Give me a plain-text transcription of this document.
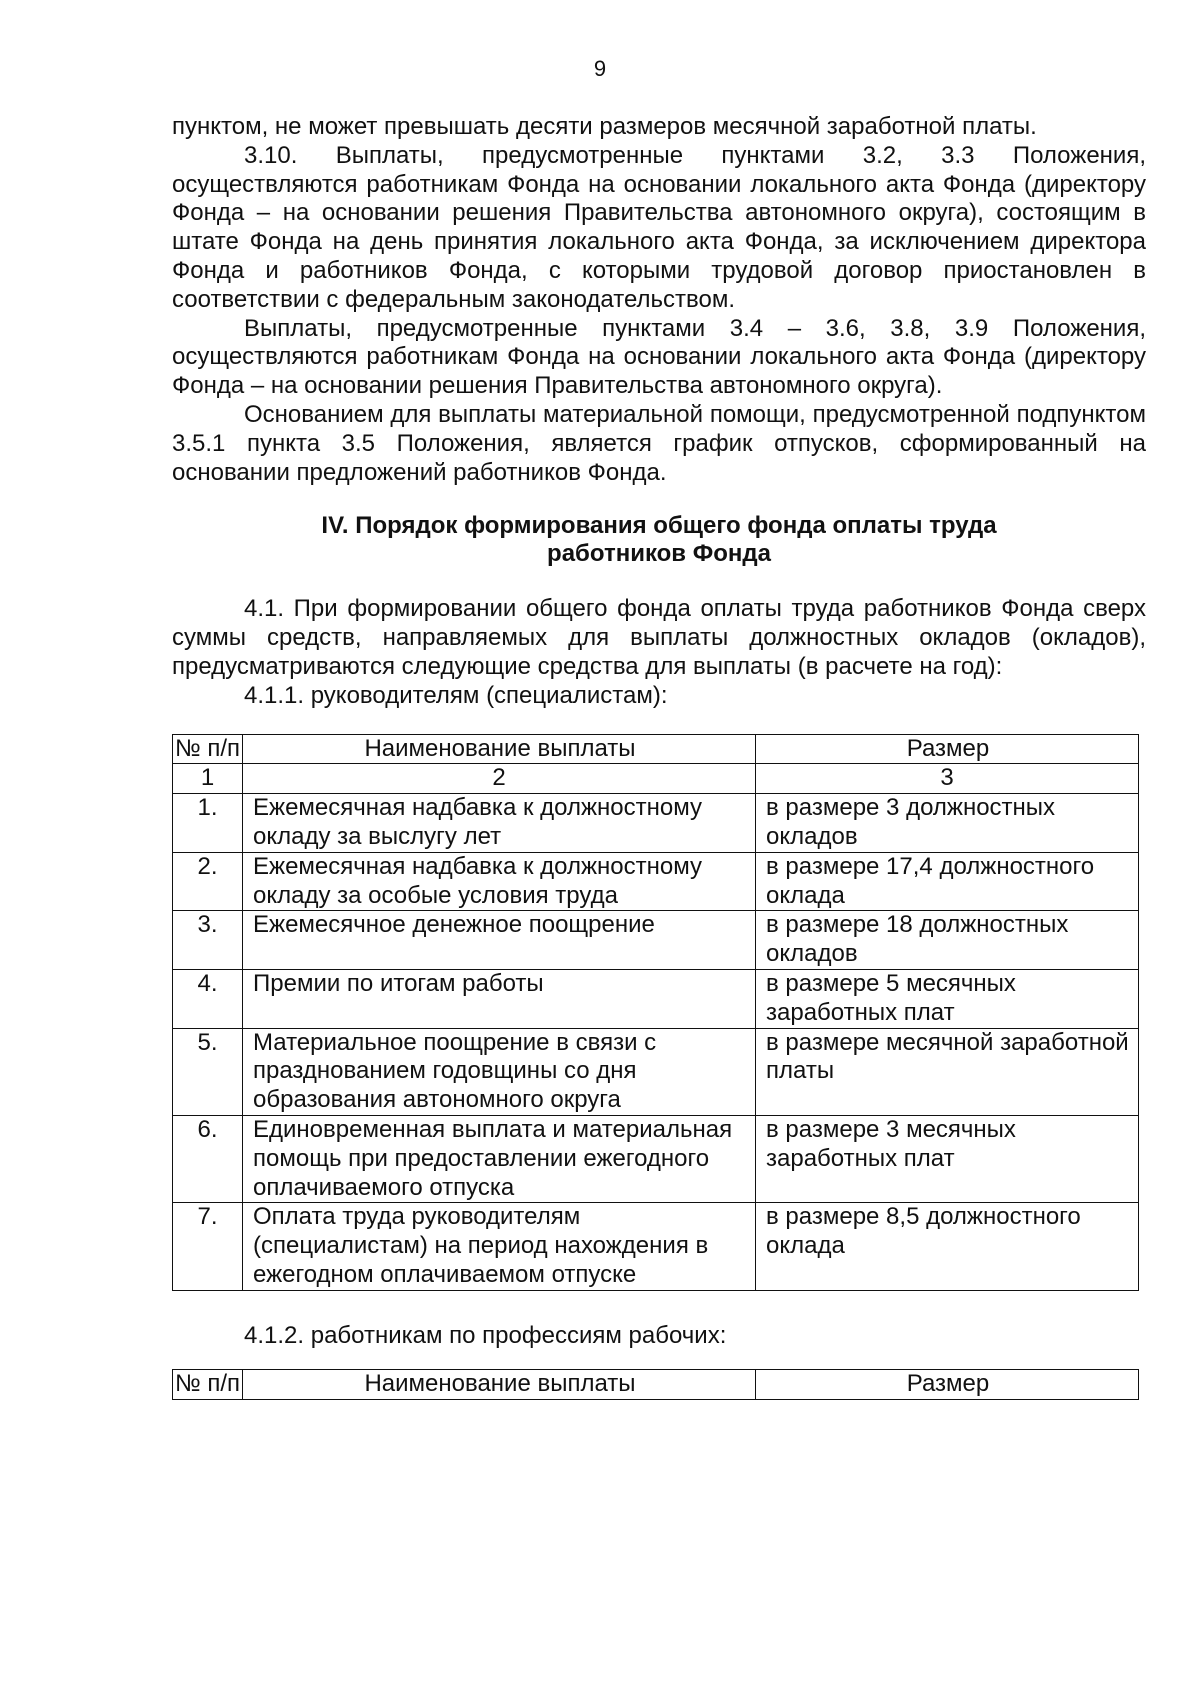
9

пунктом, не может превышать десяти размеров месячной заработной платы.

3.10. Выплаты, предусмотренные пунктами 3.2, 3.3 Положения, осуществляются работникам Фонда на основании локального акта Фонда (директору Фонда – на основании решения Правительства автономного округа), состоящим в штате Фонда на день принятия локального акта Фонда, за исключением директора Фонда и работников Фонда, с которыми трудовой договор приостановлен в соответствии с федеральным законодательством.

Выплаты, предусмотренные пунктами 3.4 – 3.6, 3.8, 3.9 Положения, осуществляются работникам Фонда на основании локального акта Фонда (директору Фонда – на основании решения Правительства автономного округа).

Основанием для выплаты материальной помощи, предусмотренной подпунктом 3.5.1 пункта 3.5 Положения, является график отпусков, сформированный на основании предложений работников Фонда.

IV. Порядок формирования общего фонда оплаты труда
работников Фонда

4.1. При формировании общего фонда оплаты труда работников Фонда сверх суммы средств, направляемых для выплаты должностных окладов (окладов), предусматриваются следующие средства для выплаты (в расчете на год):

4.1.1. руководителям (специалистам):

№ п/п	Наименование выплаты	Размер
1	2	3
1.	Ежемесячная надбавка к должностному окладу за выслугу лет	в размере 3 должностных окладов
2.	Ежемесячная надбавка к должностному окладу за особые условия труда	в размере 17,4 должностного оклада
3.	Ежемесячное денежное поощрение	в размере 18 должностных окладов
4.	Премии по итогам работы	в размере 5 месячных заработных плат
5.	Материальное поощрение в связи с празднованием годовщины со дня образования автономного округа	в размере месячной заработной платы
6.	Единовременная выплата и материальная помощь при предоставлении ежегодного оплачиваемого отпуска	в размере 3 месячных заработных плат
7.	Оплата труда руководителям (специалистам) на период нахождения в ежегодном оплачиваемом отпуске	в размере 8,5 должностного оклада

4.1.2. работникам по профессиям рабочих:

№ п/п	Наименование выплаты	Размер
